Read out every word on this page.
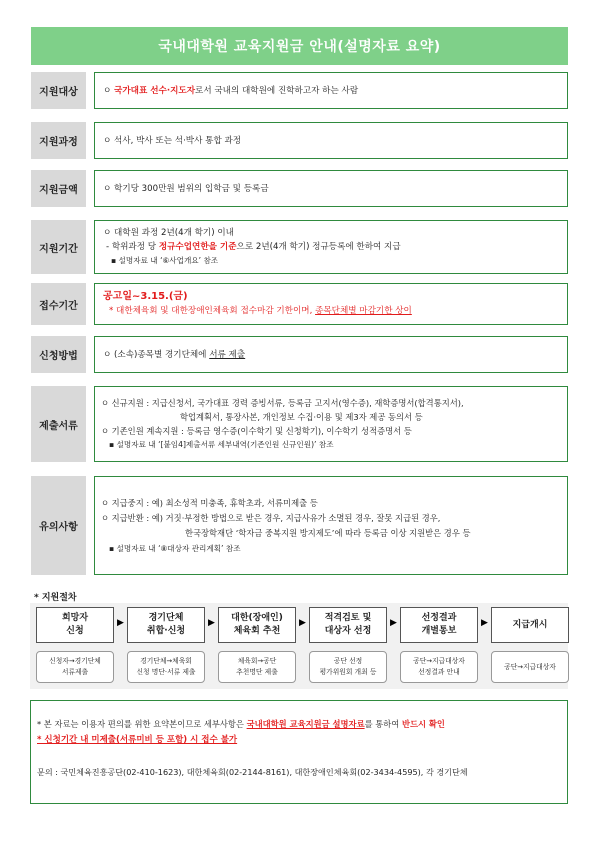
국내대학원 교육지원금 안내(설명자료 요약)
지원대상	ㅇ 국가대표 선수·지도자로서 국내의 대학원에 진학하고자 하는 사람
지원과정	ㅇ 석사, 박사 또는 석·박사 통합 과정
지원금액	ㅇ 학기당 300만원 범위의 입학금 및 등록금
지원기간
ㅇ 대학원 과정 2년(4개 학기) 이내
- 학위과정 당 정규수업연한을 기준으로 2년(4개 학기) 정규등록에 한하여 지급
▪ 설명자료 내 ‘⑥사업개요’ 참조
접수기간
공고일~3.15.(금)
* 대한체육회 및 대한장애인체육회 접수마감 기한이며, 종목단체별 마감기한 상이
신청방법	ㅇ (소속)종목별 경기단체에 서류 제출
제출서류
ㅇ 신규지원 : 지급신청서, 국가대표 경력 증빙서류, 등록금 고지서(영수증), 재학증명서(합격통지서),
학업계획서, 통장사본, 개인정보 수집·이용 및 제3자 제공 동의서 등
ㅇ 기존인원 계속지원 : 등록금 영수증(이수학기 및 신청학기), 이수학기 성적증명서 등
▪ 설명자료 내 ‘[붙임4]제출서류 세부내역(기존인원 신규인원)’ 참조
유의사항
ㅇ 지급중지 : 예) 최소성적 미충족, 휴학초과, 서류미제출 등
ㅇ 지급반환 : 예) 거짓·부정한 방법으로 받은 경우, 지급사유가 소멸된 경우, 잘못 지급된 경우,
한국장학재단 ‘학자금 중복지원 방지제도’에 따라 등록금 이상 지원받은 경우 등
▪ 설명자료 내 ‘⑧대상자 관리계획’ 참조
* 지원절차
희망자
신청
▶	경기단체
취합·신청
▶ 대한(장애인)
체육회 추천
▶ 적격검토 및
대상자 선정
▶	선정결과
개별통보
▶	지급개시
신청자→경기단체
서류제출
경기단체→체육회
신청 명단·서류 제출
체육회→공단
추천명단 제출
공단 선정
평가위원회 개최 등
공단→지급대상자
선정결과 안내
공단→지급대상자
* 본 자료는 이용자 편의를 위한 요약본이므로 세부사항은 국내대학원 교육지원금 설명자료를 통하여 반드시 확인
* 신청기간 내 미제출(서류미비 등 포함) 시 접수 불가
문의 : 국민체육진흥공단(02-410-1623), 대한체육회(02-2144-8161), 대한장애인체육회(02-3434-4595), 각 경기단체
